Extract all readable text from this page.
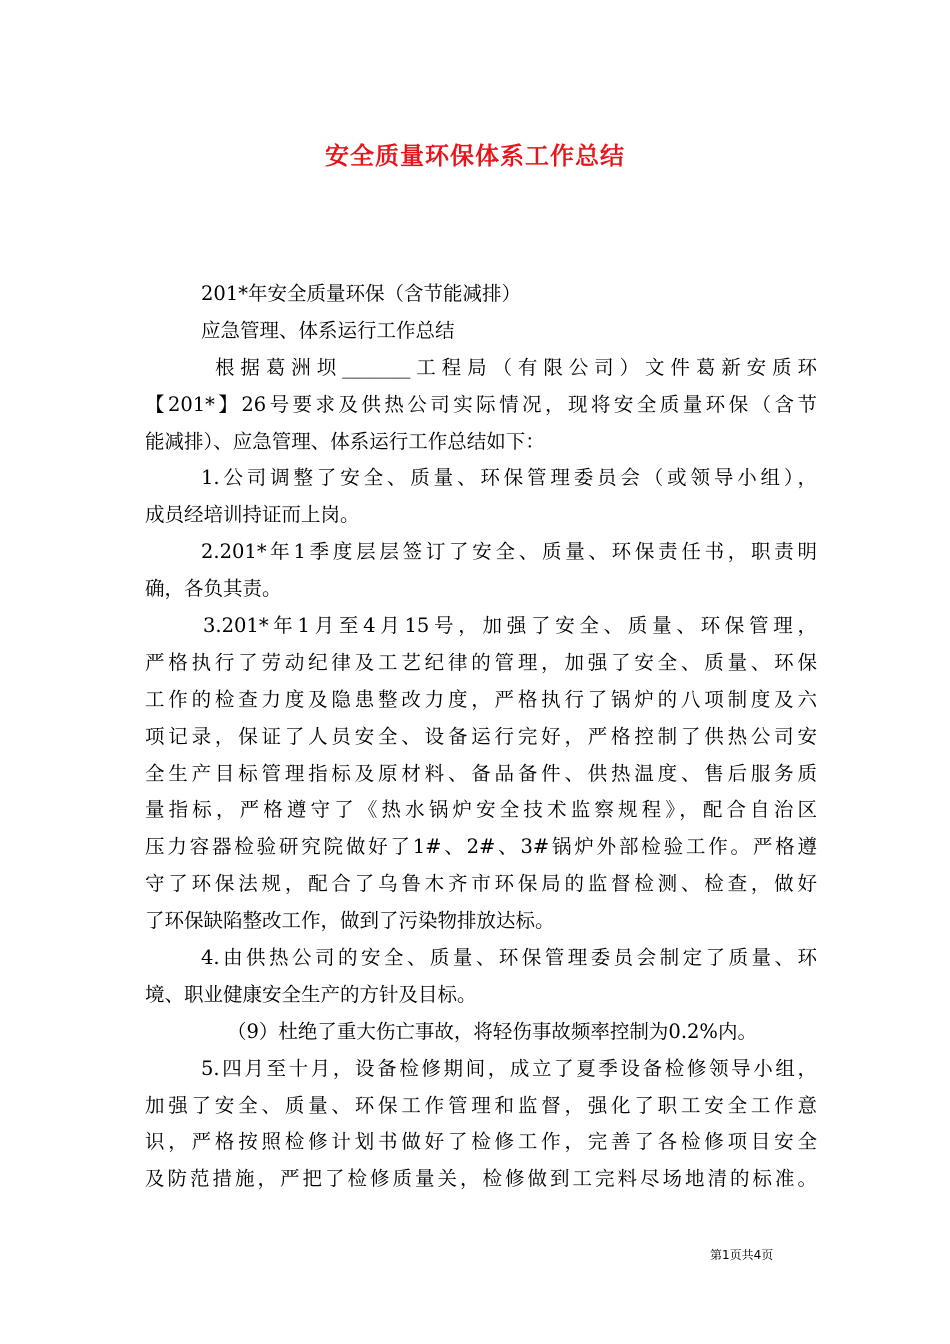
安全质量环保体系工作总结
201*年安全质量环保（含节能减排）
应急管理、体系运行工作总结
根据葛洲坝_______工程局（有限公司）文件葛新安质环
【201*】26号要求及供热公司实际情况，现将安全质量环保（含节
能减排）、应急管理、体系运行工作总结如下：
1.公司调整了安全、质量、环保管理委员会（或领导小组），
成员经培训持证而上岗。
2.201*年1季度层层签订了安全、质量、环保责任书，职责明
确，各负其责。
3.201*年1月至4月15号，加强了安全、质量、环保管理，
严格执行了劳动纪律及工艺纪律的管理，加强了安全、质量、环保
工作的检查力度及隐患整改力度，严格执行了锅炉的八项制度及六
项记录，保证了人员安全、设备运行完好，严格控制了供热公司安
全生产目标管理指标及原材料、备品备件、供热温度、售后服务质
量指标，严格遵守了《热水锅炉安全技术监察规程》，配合自治区
压力容器检验研究院做好了1#、2#、3#锅炉外部检验工作。严格遵
守了环保法规，配合了乌鲁木齐市环保局的监督检测、检查，做好
了环保缺陷整改工作，做到了污染物排放达标。
4.由供热公司的安全、质量、环保管理委员会制定了质量、环
境、职业健康安全生产的方针及目标。
（9）杜绝了重大伤亡事故，将轻伤事故频率控制为0.2%内。
5.四月至十月，设备检修期间，成立了夏季设备检修领导小组，
加强了安全、质量、环保工作管理和监督，强化了职工安全工作意
识，严格按照检修计划书做好了检修工作，完善了各检修项目安全
及防范措施，严把了检修质量关，检修做到工完料尽场地清的标准。
第1页共4页
